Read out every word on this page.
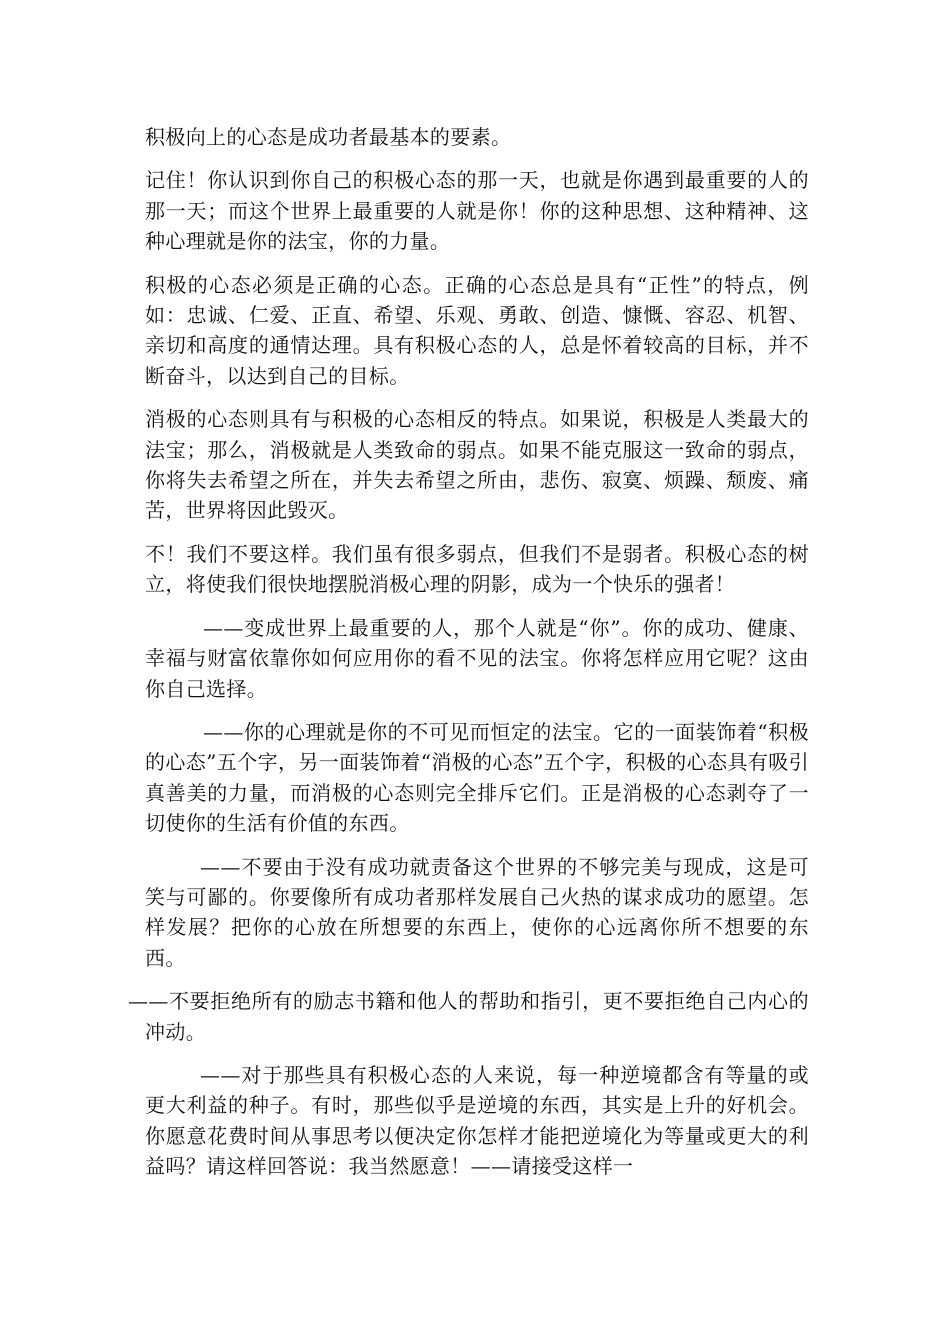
积极向上的心态是成功者最基本的要素。

记住！你认识到你自己的积极心态的那一天，也就是你遇到最重要的人的那一天；而这个世界上最重要的人就是你！你的这种思想、这种精神、这种心理就是你的法宝，你的力量。

积极的心态必须是正确的心态。正确的心态总是具有“正性”的特点，例如：忠诚、仁爱、正直、希望、乐观、勇敢、创造、慷慨、容忍、机智、亲切和高度的通情达理。具有积极心态的人，总是怀着较高的目标，并不断奋斗，以达到自己的目标。

消极的心态则具有与积极的心态相反的特点。如果说，积极是人类最大的法宝；那么，消极就是人类致命的弱点。如果不能克服这一致命的弱点，你将失去希望之所在，并失去希望之所由，悲伤、寂寞、烦躁、颓废、痛苦，世界将因此毁灭。

不！我们不要这样。我们虽有很多弱点，但我们不是弱者。积极心态的树立，将使我们很快地摆脱消极心理的阴影，成为一个快乐的强者！

——变成世界上最重要的人，那个人就是“你”。你的成功、健康、幸福与财富依靠你如何应用你的看不见的法宝。你将怎样应用它呢？这由你自己选择。

——你的心理就是你的不可见而恒定的法宝。它的一面装饰着“积极的心态”五个字，另一面装饰着“消极的心态”五个字，积极的心态具有吸引真善美的力量，而消极的心态则完全排斥它们。正是消极的心态剥夺了一切使你的生活有价值的东西。

——不要由于没有成功就责备这个世界的不够完美与现成，这是可笑与可鄙的。你要像所有成功者那样发展自己火热的谋求成功的愿望。怎样发展？把你的心放在所想要的东西上，使你的心远离你所不想要的东西。

——不要拒绝所有的励志书籍和他人的帮助和指引，更不要拒绝自己内心的冲动。

——对于那些具有积极心态的人来说，每一种逆境都含有等量的或更大利益的种子。有时，那些似乎是逆境的东西，其实是上升的好机会。你愿意花费时间从事思考以便决定你怎样才能把逆境化为等量或更大的利益吗？请这样回答说：我当然愿意！——请接受这样一
